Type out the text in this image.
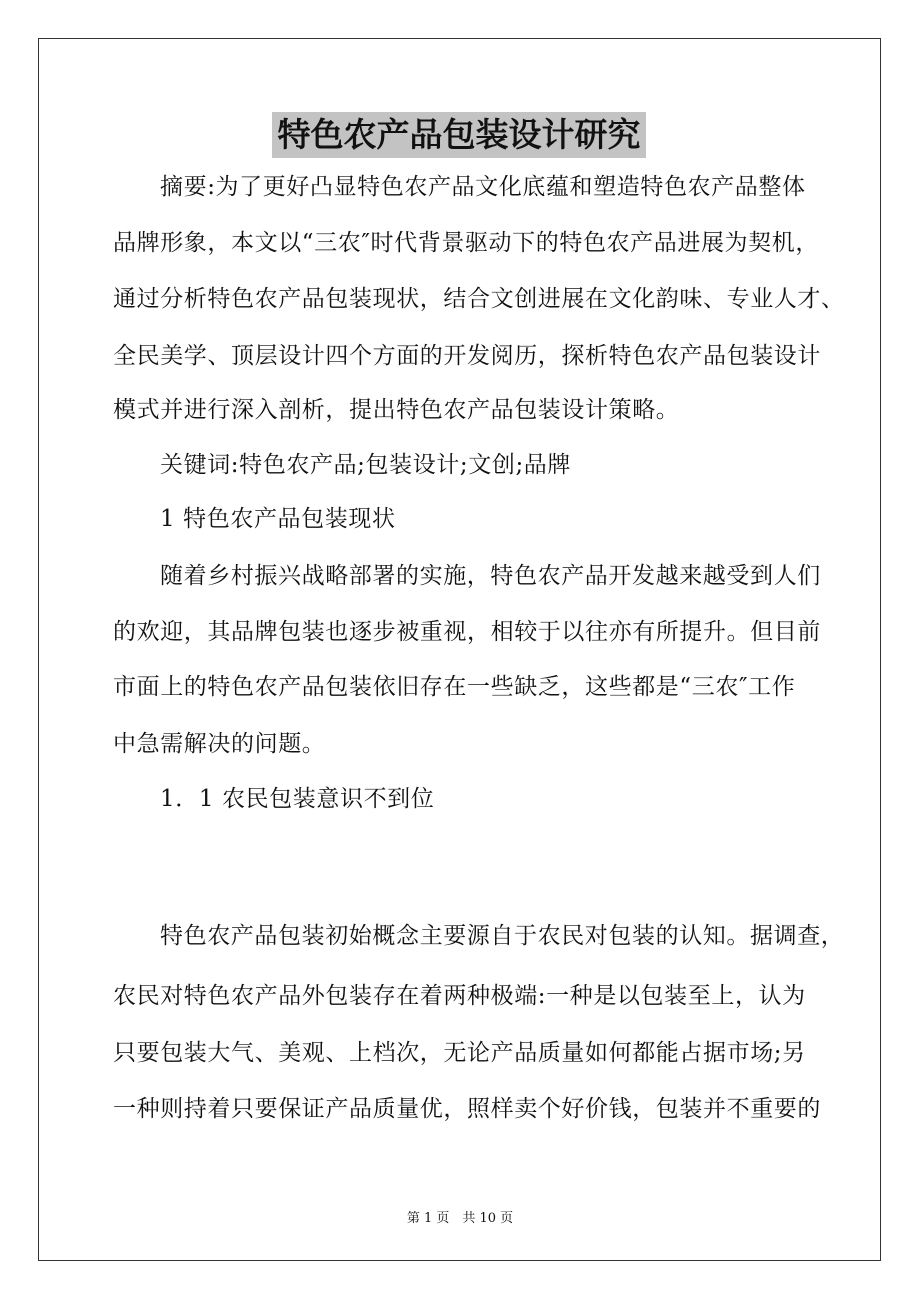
特色农产品包装设计研究
摘要:为了更好凸显特色农产品文化底蕴和塑造特色农产品整体
品牌形象，本文以“三农″时代背景驱动下的特色农产品进展为契机，
通过分析特色农产品包装现状，结合文创进展在文化韵味、专业人才、
全民美学、顶层设计四个方面的开发阅历，探析特色农产品包装设计
模式并进行深入剖析，提出特色农产品包装设计策略。
关键词:特色农产品;包装设计;文创;品牌
1 特色农产品包装现状
随着乡村振兴战略部署的实施，特色农产品开发越来越受到人们
的欢迎，其品牌包装也逐步被重视，相较于以往亦有所提升。但目前
市面上的特色农产品包装依旧存在一些缺乏，这些都是“三农″工作
中急需解决的问题。
1．1 农民包装意识不到位
特色农产品包装初始概念主要源自于农民对包装的认知。据调查，
农民对特色农产品外包装存在着两种极端:一种是以包装至上，认为
只要包装大气、美观、上档次，无论产品质量如何都能占据市场;另
一种则持着只要保证产品质量优，照样卖个好价钱，包装并不重要的
第 1 页　共 10 页
